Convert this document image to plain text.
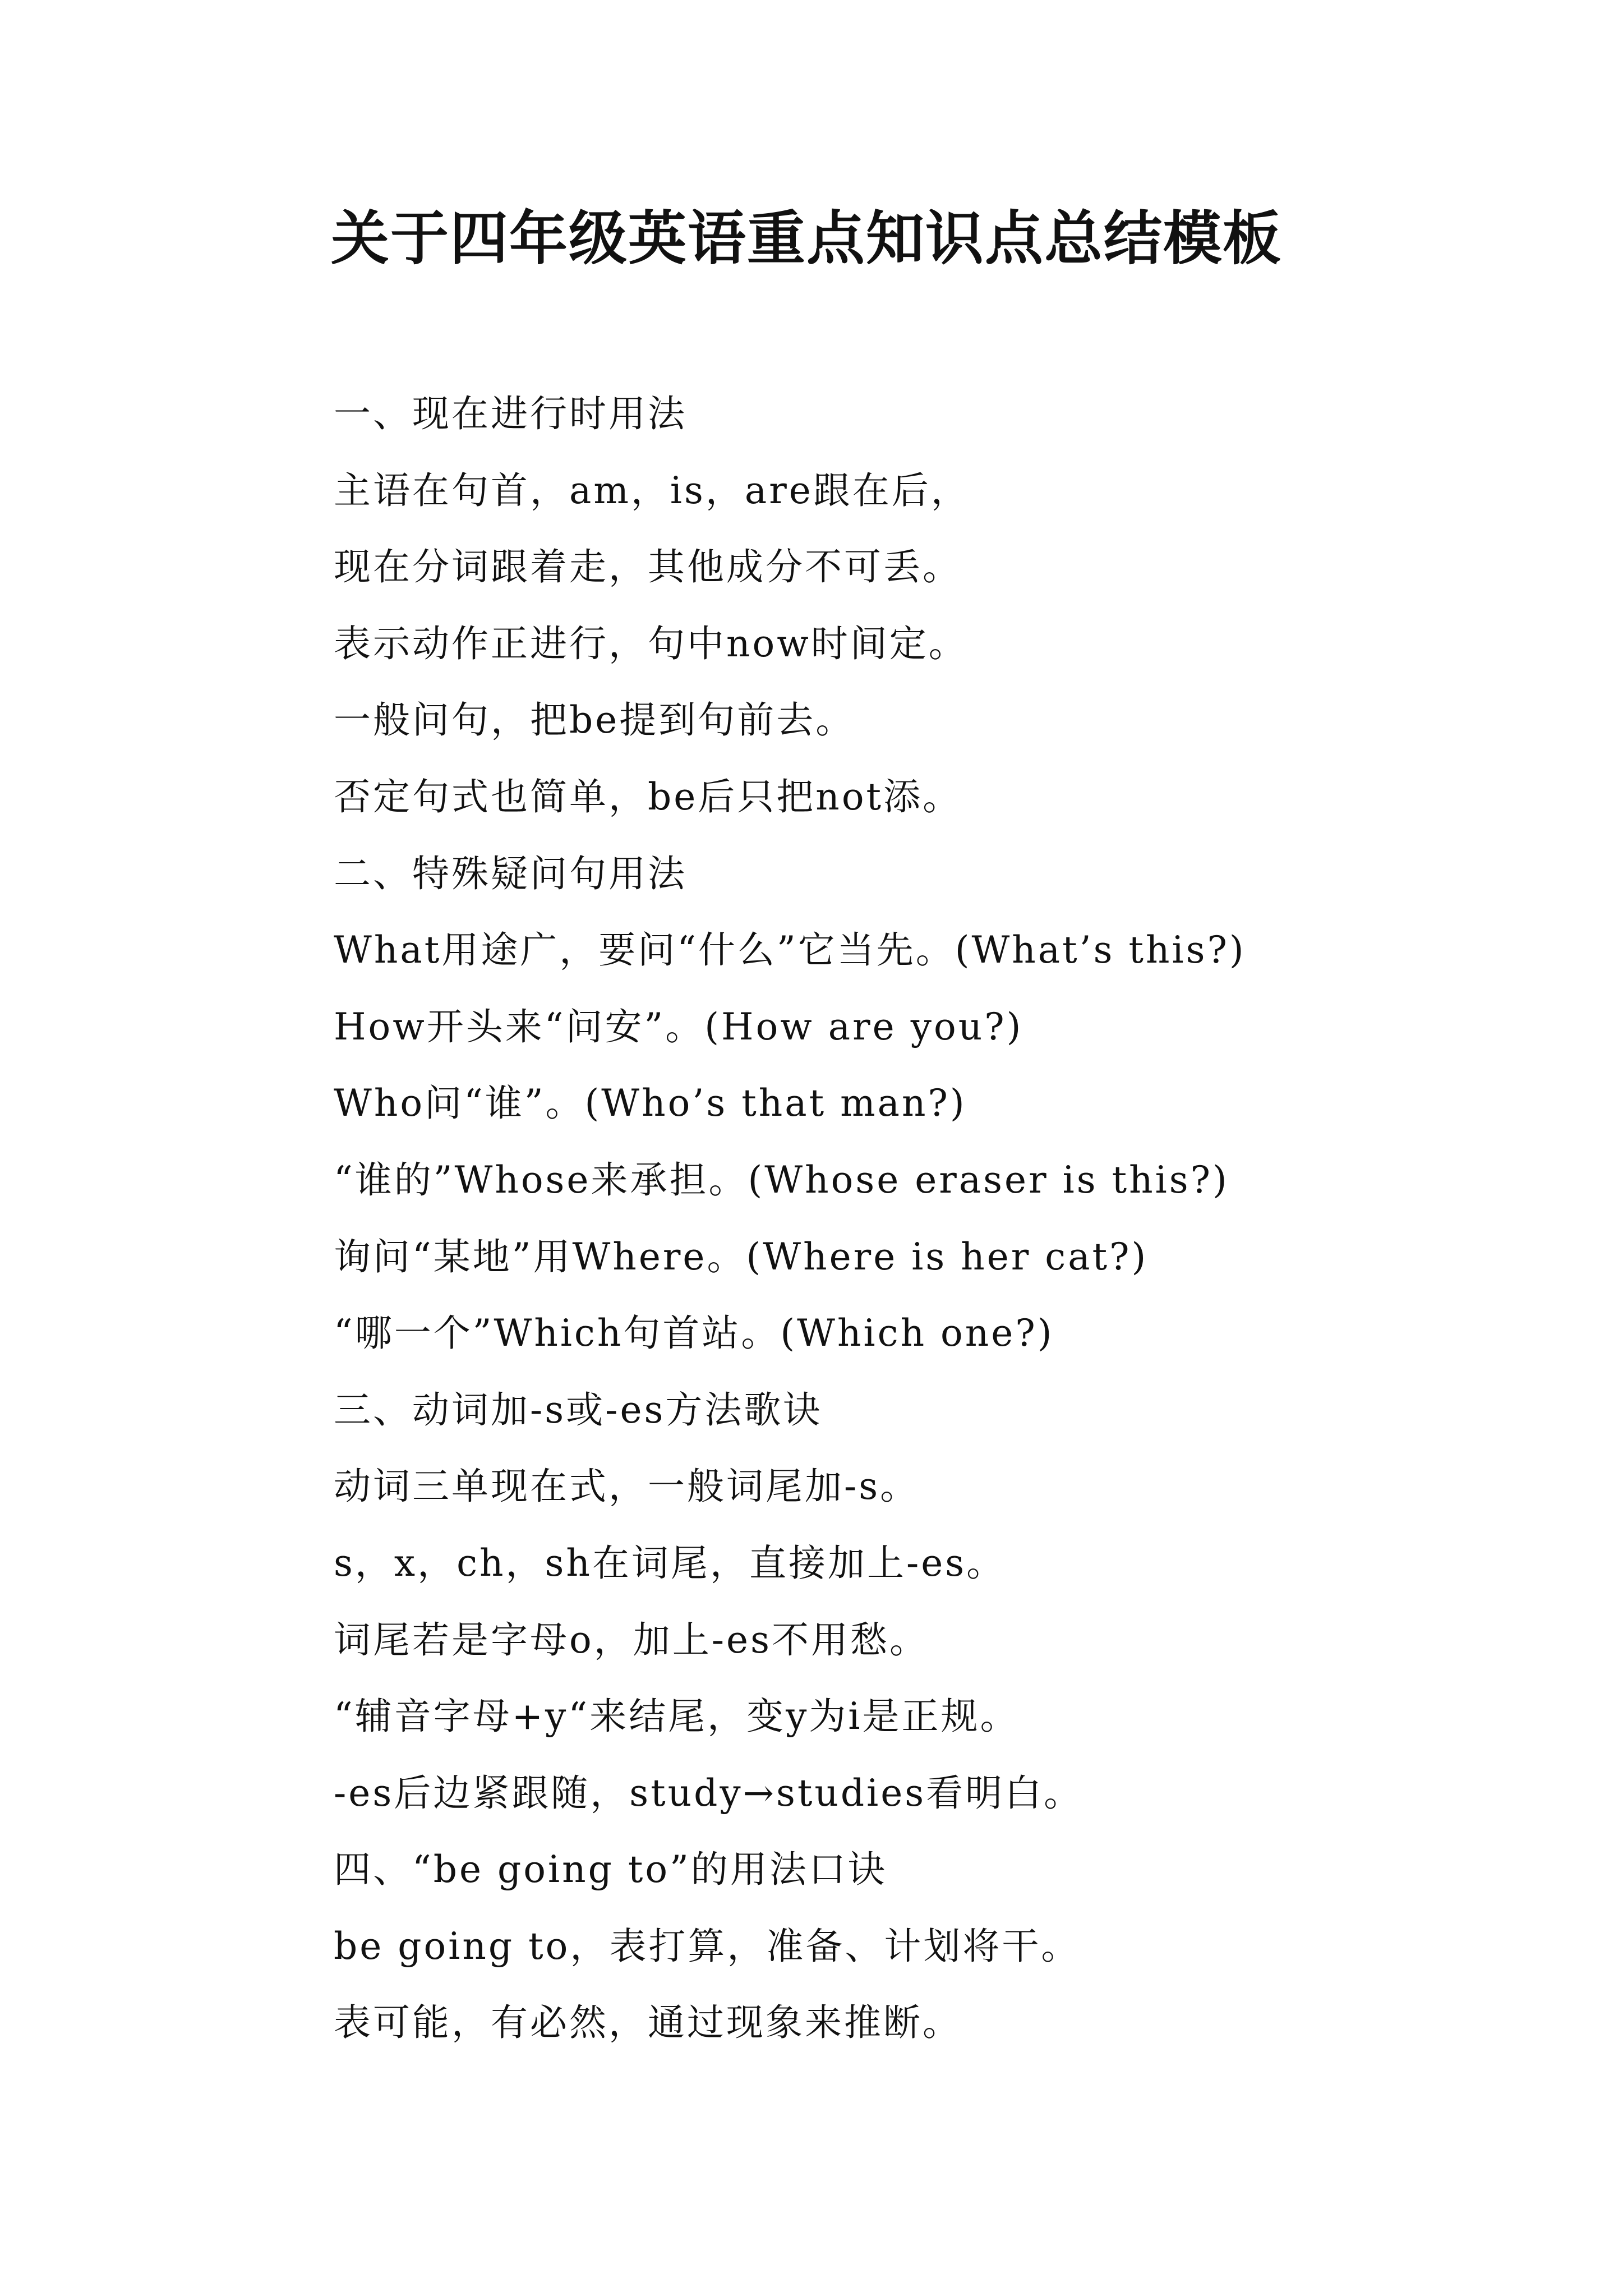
关于四年级英语重点知识点总结模板
一、现在进行时用法
主语在句首，am，is，are跟在后，
现在分词跟着走，其他成分不可丢。
表示动作正进行，句中now时间定。
一般问句，把be提到句前去。
否定句式也简单，be后只把not添。
二、特殊疑问句用法
What用途广，要问“什么”它当先。(What’s this?)
How开头来“问安”。(How are you?)
Who问“谁”。(Who’s that man?)
“谁的”Whose来承担。(Whose eraser is this?)
询问“某地”用Where。(Where is her cat?)
“哪一个”Which句首站。(Which one?)
三、动词加-s或-es方法歌诀
动词三单现在式，一般词尾加-s。
s，x，ch，sh在词尾，直接加上-es。
词尾若是字母o，加上-es不用愁。
“辅音字母+y“来结尾，变y为i是正规。
-es后边紧跟随，study→studies看明白。
四、“be going to”的用法口诀
be going to，表打算，准备、计划将干。
表可能，有必然，通过现象来推断。
